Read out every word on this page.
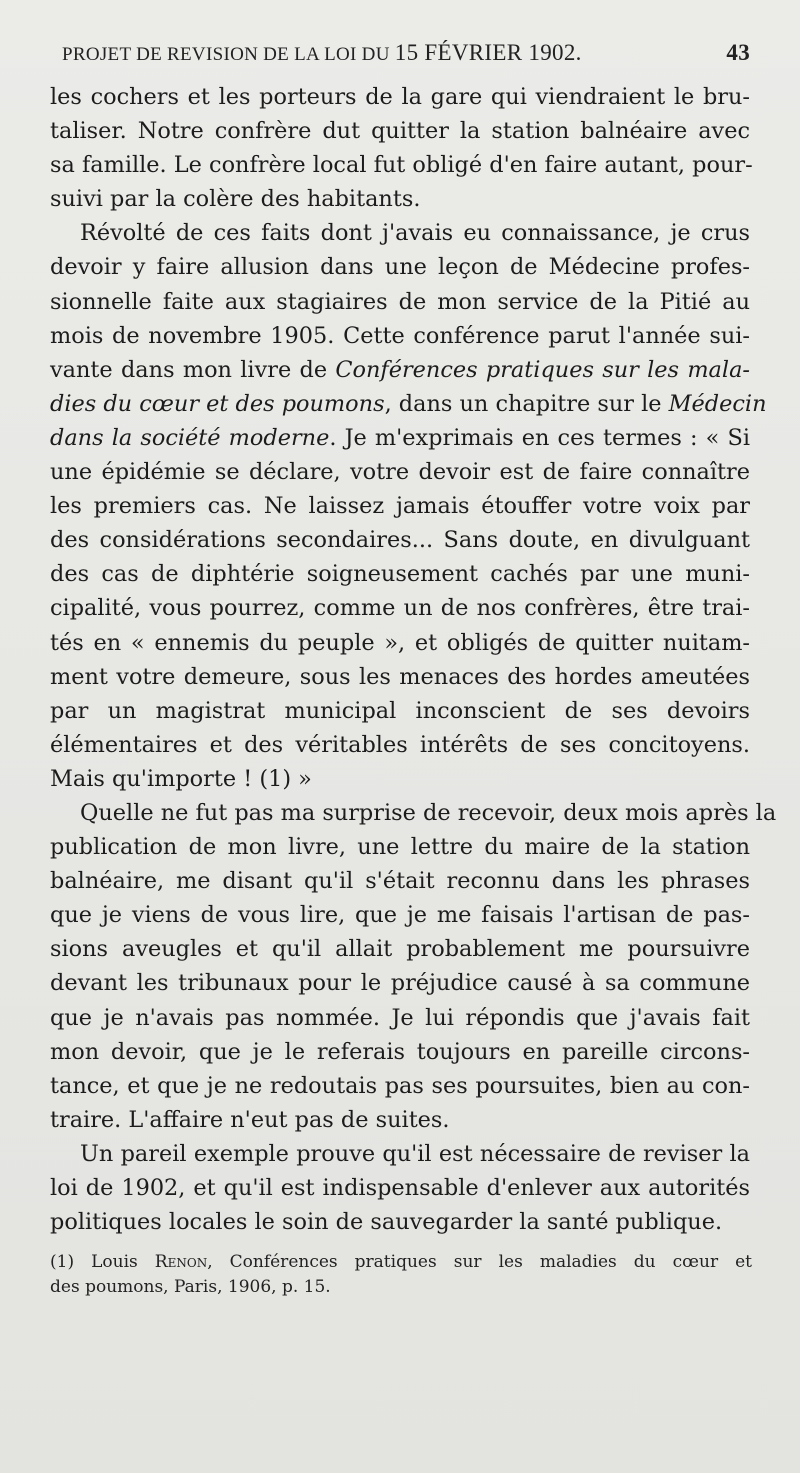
PROJET DE REVISION DE LA LOI DU 15 FÉVRIER 1902.	43
les cochers et les porteurs de la gare qui viendraient le bru-
taliser. Notre confrère dut quitter la station balnéaire avec
sa famille. Le confrère local fut obligé d'en faire autant, pour-
suivi par la colère des habitants.
Révolté de ces faits dont j'avais eu connaissance, je crus
devoir y faire allusion dans une leçon de Médecine profes-
sionnelle faite aux stagiaires de mon service de la Pitié au
mois de novembre 1905. Cette conférence parut l'année sui-
vante dans mon livre de Conférences pratiques sur les mala-
dies du cœur et des poumons, dans un chapitre sur le Médecin
dans la société moderne. Je m'exprimais en ces termes : « Si
une épidémie se déclare, votre devoir est de faire connaître
les premiers cas. Ne laissez jamais étouffer votre voix par
des considérations secondaires... Sans doute, en divulguant
des cas de diphtérie soigneusement cachés par une muni-
cipalité, vous pourrez, comme un de nos confrères, être trai-
tés en « ennemis du peuple », et obligés de quitter nuitam-
ment votre demeure, sous les menaces des hordes ameutées
par un magistrat municipal inconscient de ses devoirs
élémentaires et des véritables intérêts de ses concitoyens.
Mais qu'importe ! (1) »
Quelle ne fut pas ma surprise de recevoir, deux mois après la
publication de mon livre, une lettre du maire de la station
balnéaire, me disant qu'il s'était reconnu dans les phrases
que je viens de vous lire, que je me faisais l'artisan de pas-
sions aveugles et qu'il allait probablement me poursuivre
devant les tribunaux pour le préjudice causé à sa commune
que je n'avais pas nommée. Je lui répondis que j'avais fait
mon devoir, que je le referais toujours en pareille circons-
tance, et que je ne redoutais pas ses poursuites, bien au con-
traire. L'affaire n'eut pas de suites.
Un pareil exemple prouve qu'il est nécessaire de reviser la
loi de 1902, et qu'il est indispensable d'enlever aux autorités
politiques locales le soin de sauvegarder la santé publique.
(1) Louis Renon, Conférences pratiques sur les maladies du cœur et
des poumons, Paris, 1906, p. 15.
